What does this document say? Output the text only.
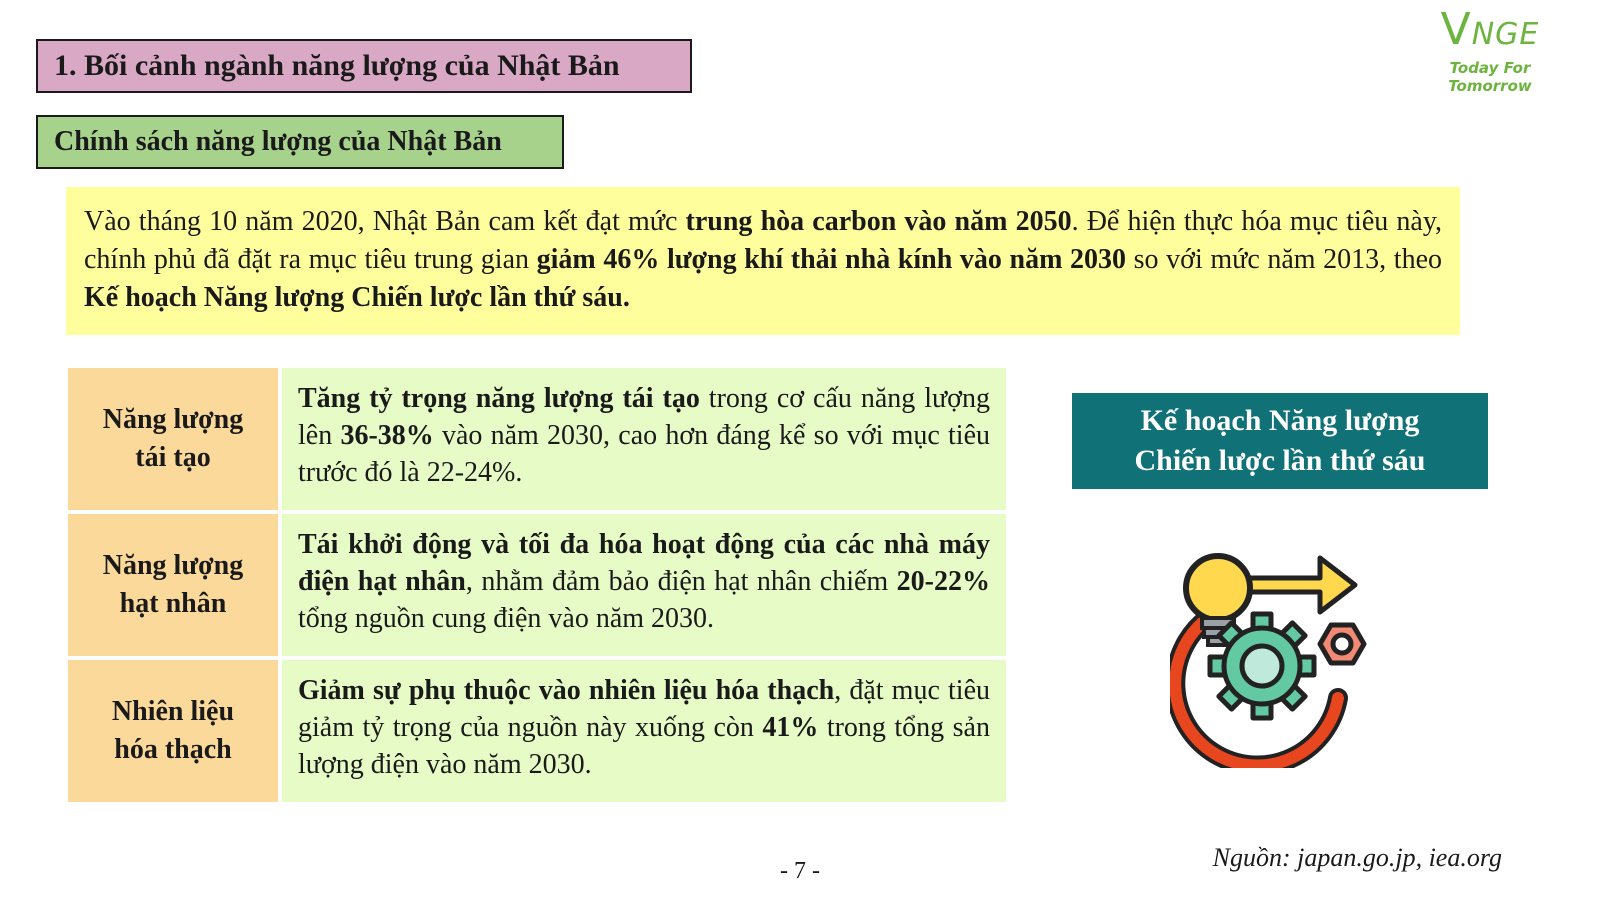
1. Bối cảnh ngành năng lượng của Nhật Bản
Chính sách năng lượng của Nhật Bản
VNGE
Today For Tomorrow
Vào tháng 10 năm 2020, Nhật Bản cam kết đạt mức trung hòa carbon vào năm 2050. Để hiện thực hóa mục tiêu này, chính phủ đã đặt ra mục tiêu trung gian giảm 46% lượng khí thải nhà kính vào năm 2030 so với mức năm 2013, theo Kế hoạch Năng lượng Chiến lược lần thứ sáu.
Năng lượng
tái tạo
Tăng tỷ trọng năng lượng tái tạo trong cơ cấu năng lượng lên 36-38% vào năm 2030, cao hơn đáng kể so với mục tiêu trước đó là 22-24%.
Năng lượng
hạt nhân
Tái khởi động và tối đa hóa hoạt động của các nhà máy điện hạt nhân, nhằm đảm bảo điện hạt nhân chiếm 20-22% tổng nguồn cung điện vào năm 2030.
Nhiên liệu
hóa thạch
Giảm sự phụ thuộc vào nhiên liệu hóa thạch, đặt mục tiêu giảm tỷ trọng của nguồn này xuống còn 41% trong tổng sản lượng điện vào năm 2030.
Kế hoạch Năng lượng
Chiến lược lần thứ sáu
- 7 -	Nguồn: japan.go.jp, iea.org
